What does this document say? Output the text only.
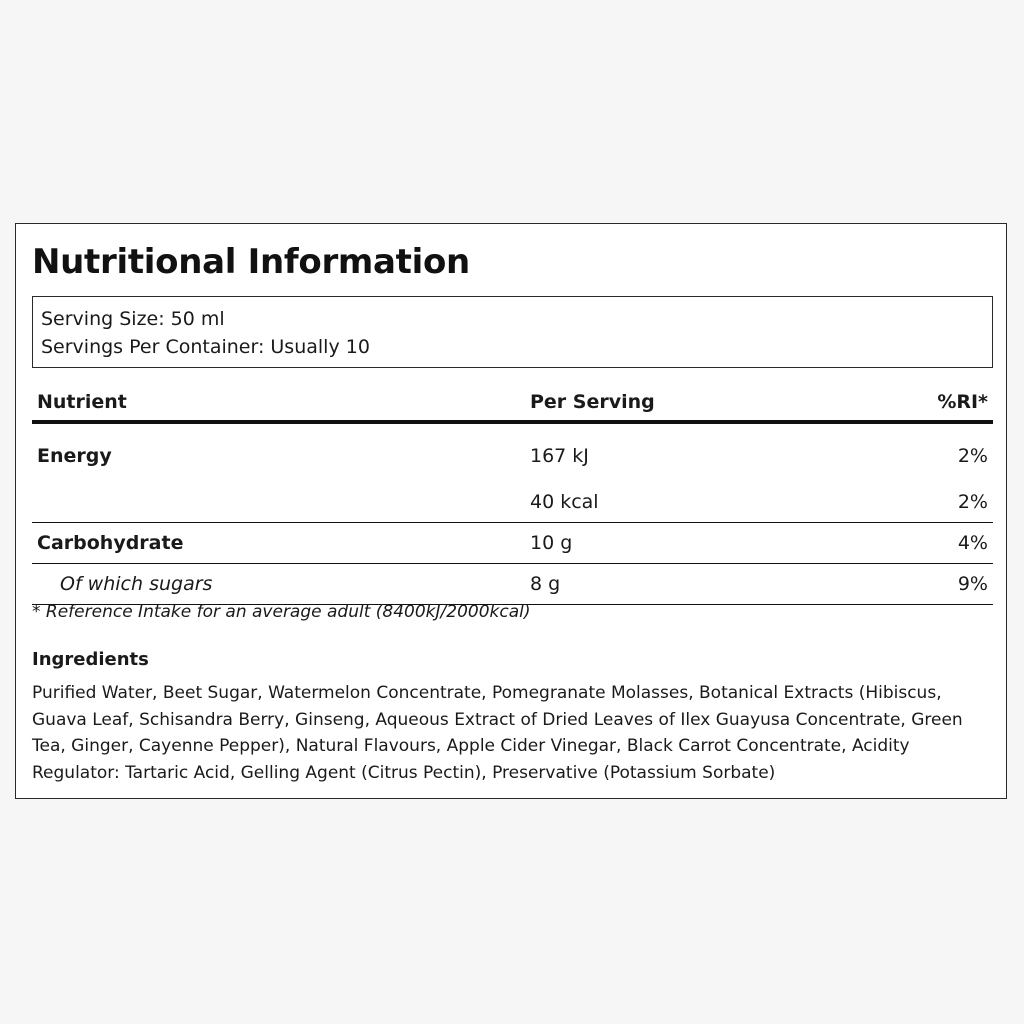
Nutritional Information
Serving Size: 50 ml
Servings Per Container: Usually 10
Nutrient	Per Serving	%RI*
Energy	167 kJ	2%
	40 kcal	2%
Carbohydrate	10 g	4%
Of which sugars	8 g	9%

* Reference Intake for an average adult (8400kJ/2000kcal)

Ingredients

Purified Water, Beet Sugar, Watermelon Concentrate, Pomegranate Molasses, Botanical Extracts (Hibiscus, Guava Leaf, Schisandra Berry, Ginseng, Aqueous Extract of Dried Leaves of Ilex Guayusa Concentrate, Green Tea, Ginger, Cayenne Pepper), Natural Flavours, Apple Cider Vinegar, Black Carrot Concentrate, Acidity Regulator: Tartaric Acid, Gelling Agent (Citrus Pectin), Preservative (Potassium Sorbate)
